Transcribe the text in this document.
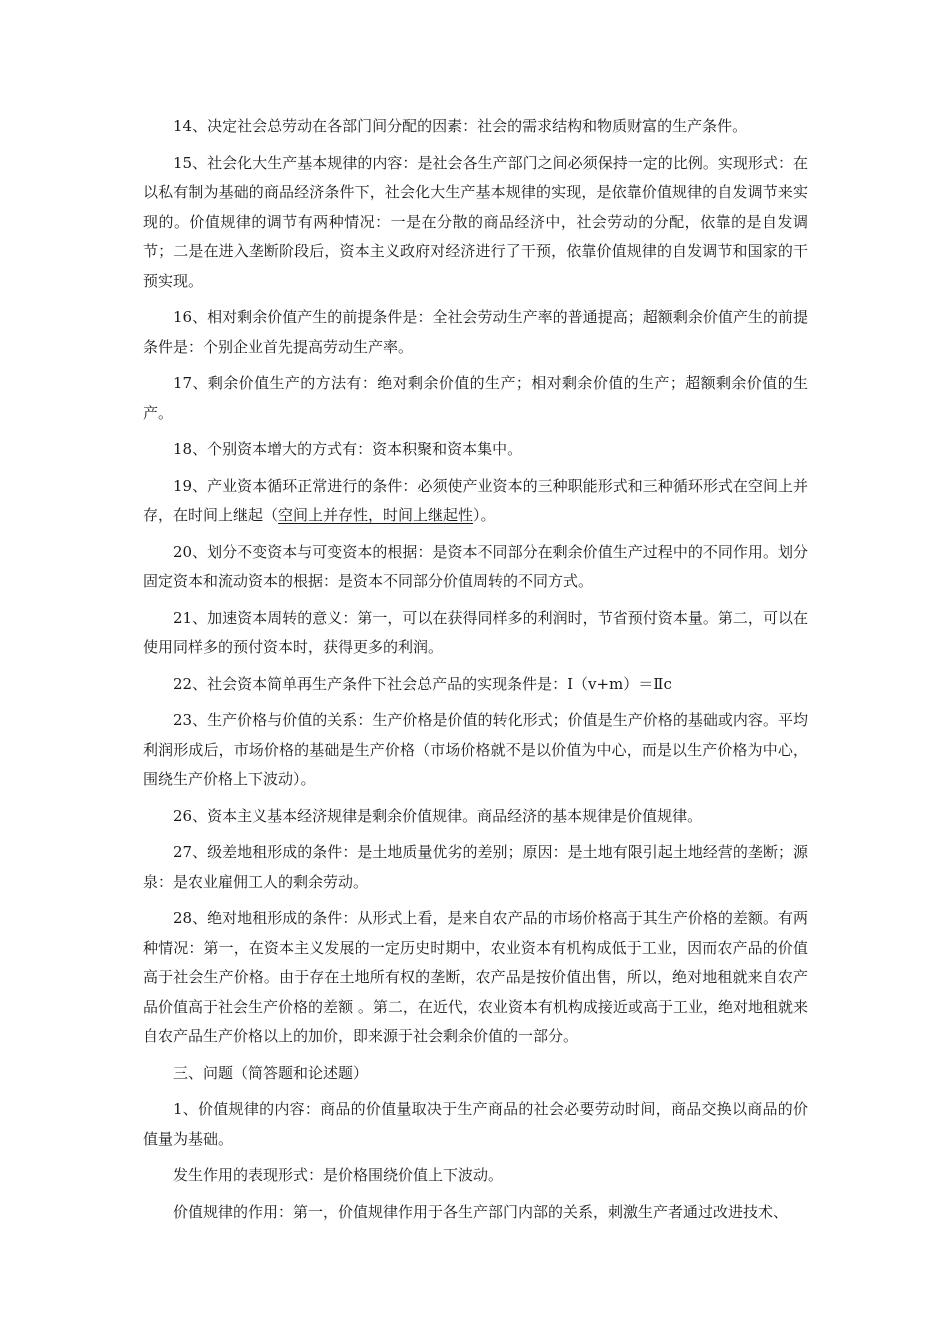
14、决定社会总劳动在各部门间分配的因素：社会的需求结构和物质财富的生产条件。

15、社会化大生产基本规律的内容：是社会各生产部门之间必须保持一定的比例。实现形式：在以私有制为基础的商品经济条件下，社会化大生产基本规律的实现，是依靠价值规律的自发调节来实现的。价值规律的调节有两种情况：一是在分散的商品经济中，社会劳动的分配，依靠的是自发调节；二是在进入垄断阶段后，资本主义政府对经济进行了干预，依靠价值规律的自发调节和国家的干预实现。

16、相对剩余价值产生的前提条件是：全社会劳动生产率的普通提高；超额剩余价值产生的前提条件是：个别企业首先提高劳动生产率。

17、剩余价值生产的方法有：绝对剩余价值的生产；相对剩余价值的生产；超额剩余价值的生产。

18、个别资本增大的方式有：资本积聚和资本集中。

19、产业资本循环正常进行的条件：必须使产业资本的三种职能形式和三种循环形式在空间上并存，在时间上继起（空间上并存性，时间上继起性）。

20、划分不变资本与可变资本的根据：是资本不同部分在剩余价值生产过程中的不同作用。划分固定资本和流动资本的根据：是资本不同部分价值周转的不同方式。

21、加速资本周转的意义：第一，可以在获得同样多的利润时，节省预付资本量。第二，可以在使用同样多的预付资本时，获得更多的利润。

22、社会资本简单再生产条件下社会总产品的实现条件是：Ⅰ（v+m）＝Ⅱc

23、生产价格与价值的关系：生产价格是价值的转化形式；价值是生产价格的基础或内容。平均利润形成后，市场价格的基础是生产价格（市场价格就不是以价值为中心，而是以生产价格为中心，围绕生产价格上下波动）。

26、资本主义基本经济规律是剩余价值规律。商品经济的基本规律是价值规律。

27、级差地租形成的条件：是土地质量优劣的差别；原因：是土地有限引起土地经营的垄断；源泉：是农业雇佣工人的剩余劳动。

28、绝对地租形成的条件：从形式上看，是来自农产品的市场价格高于其生产价格的差额。有两种情况：第一，在资本主义发展的一定历史时期中，农业资本有机构成低于工业，因而农产品的价值高于社会生产价格。由于存在土地所有权的垄断，农产品是按价值出售，所以，绝对地租就来自农产品价值高于社会生产价格的差额 。第二，在近代，农业资本有机构成接近或高于工业，绝对地租就来自农产品生产价格以上的加价，即来源于社会剩余价值的一部分。

三、问题（简答题和论述题）

1、价值规律的内容：商品的价值量取决于生产商品的社会必要劳动时间，商品交换以商品的价值量为基础。

发生作用的表现形式：是价格围绕价值上下波动。

价值规律的作用：第一，价值规律作用于各生产部门内部的关系，刺激生产者通过改进技术、
